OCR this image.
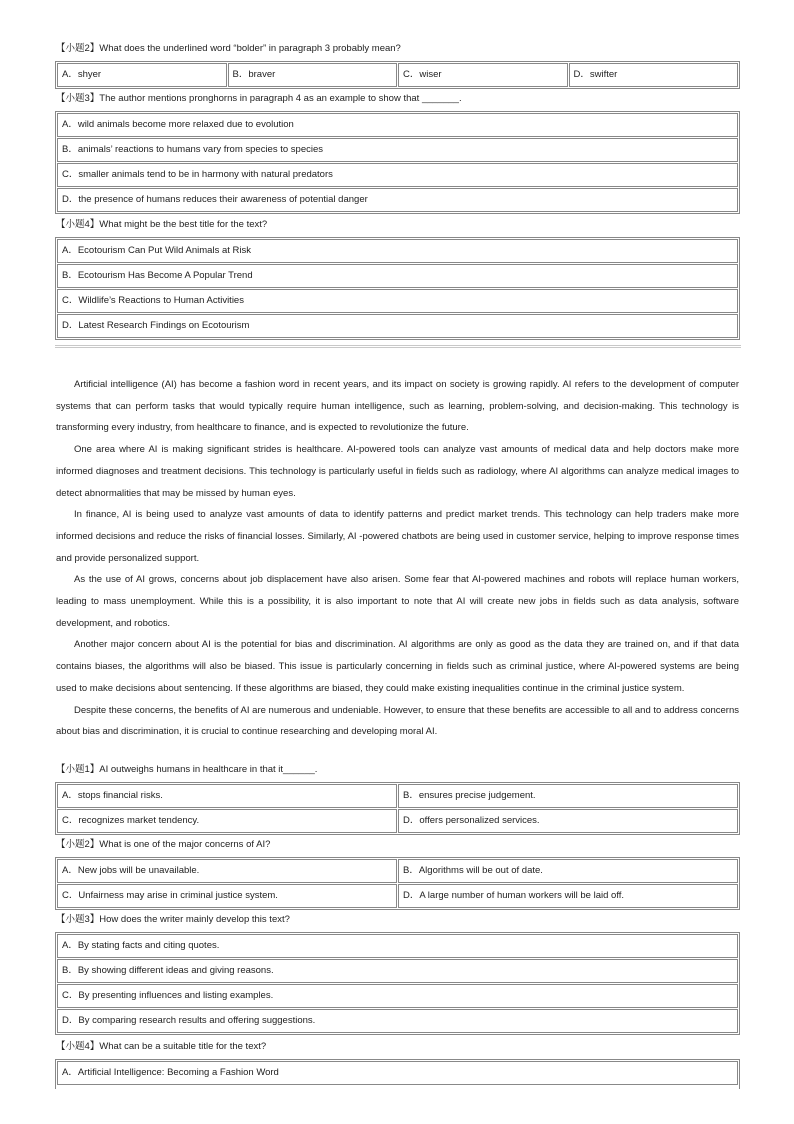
【小题2】What does the underlined word “bolder” in paragraph 3 probably mean?
A．shyer	B．braver	C．wiser	D．swifter
【小题3】The author mentions pronghorns in paragraph 4 as an example to show that _______.
A．wild animals become more relaxed due to evolution
B．animals’ reactions to humans vary from species to species
C．smaller animals tend to be in harmony with natural predators
D．the presence of humans reduces their awareness of potential danger
【小题4】What might be the best title for the text?
A．Ecotourism Can Put Wild Animals at Risk
B．Ecotourism Has Become A Popular Trend
C．Wildlife’s Reactions to Human Activities
D．Latest Research Findings on Ecotourism

Artificial intelligence (AI) has become a fashion word in recent years, and its impact on society is growing rapidly. AI refers to the development of computer systems that can perform tasks that would typically require human intelligence, such as learning, problem-solving, and decision-making. This technology is transforming every industry, from healthcare to finance, and is expected to revolutionize the future.

One area where AI is making significant strides is healthcare. AI-powered tools can analyze vast amounts of medical data and help doctors make more informed diagnoses and treatment decisions. This technology is particularly useful in fields such as radiology, where AI algorithms can analyze medical images to detect abnormalities that may be missed by human eyes.

In finance, AI is being used to analyze vast amounts of data to identify patterns and predict market trends. This technology can help traders make more informed decisions and reduce the risks of financial losses. Similarly, AI -powered chatbots are being used in customer service, helping to improve response times and provide personalized support.

As the use of AI grows, concerns about job displacement have also arisen. Some fear that AI-powered machines and robots will replace human workers, leading to mass unemployment. While this is a possibility, it is also important to note that AI will create new jobs in fields such as data analysis, software development, and robotics.

Another major concern about AI is the potential for bias and discrimination. AI algorithms are only as good as the data they are trained on, and if that data contains biases, the algorithms will also be biased. This issue is particularly concerning in fields such as criminal justice, where AI-powered systems are being used to make decisions about sentencing. If these algorithms are biased, they could make existing inequalities continue in the criminal justice system.

Despite these concerns, the benefits of AI are numerous and undeniable. However, to ensure that these benefits are accessible to all and to address concerns about bias and discrimination, it is crucial to continue researching and developing moral AI.

【小题1】AI outweighs humans in healthcare in that it______.
A．stops financial risks.	B．ensures precise judgement.
C．recognizes market tendency.	D．offers personalized services.
【小题2】What is one of the major concerns of AI?
A．New jobs will be unavailable.	B．Algorithms will be out of date.
C．Unfairness may arise in criminal justice system.	D．A large number of human workers will be laid off.
【小题3】How does the writer mainly develop this text?
A．By stating facts and citing quotes.
B．By showing different ideas and giving reasons.
C．By presenting influences and listing examples.
D．By comparing research results and offering suggestions.
【小题4】What can be a suitable title for the text?
A．Artificial Intelligence: Becoming a Fashion Word
